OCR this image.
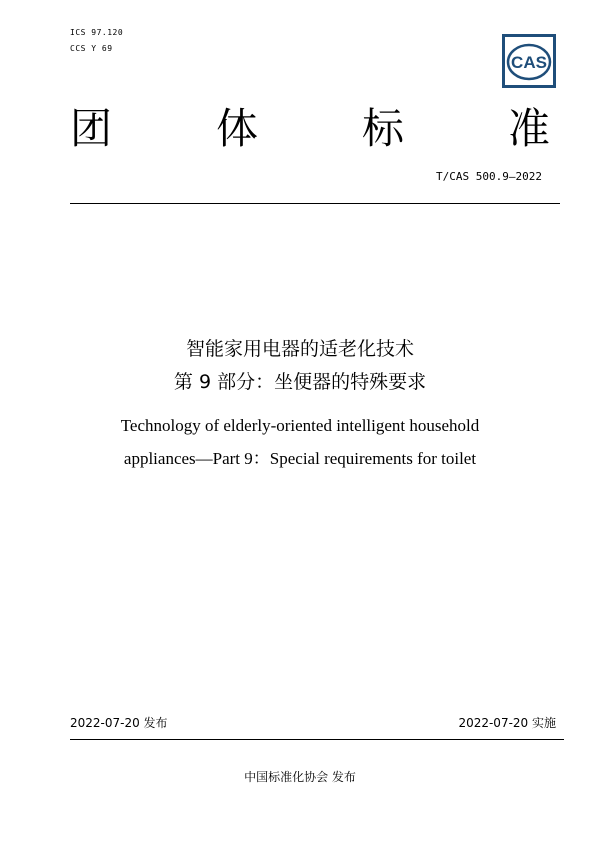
ICS 97.120
CCS Y 69
CAS
团 体 标 准
T/CAS 500.9—2022
智能家用电器的适老化技术
第 9 部分：坐便器的特殊要求
Technology of elderly-oriented intelligent household
appliances—Part 9：Special requirements for toilet
2022-07-20 发布	2022-07-20 实施
中国标准化协会 发布
